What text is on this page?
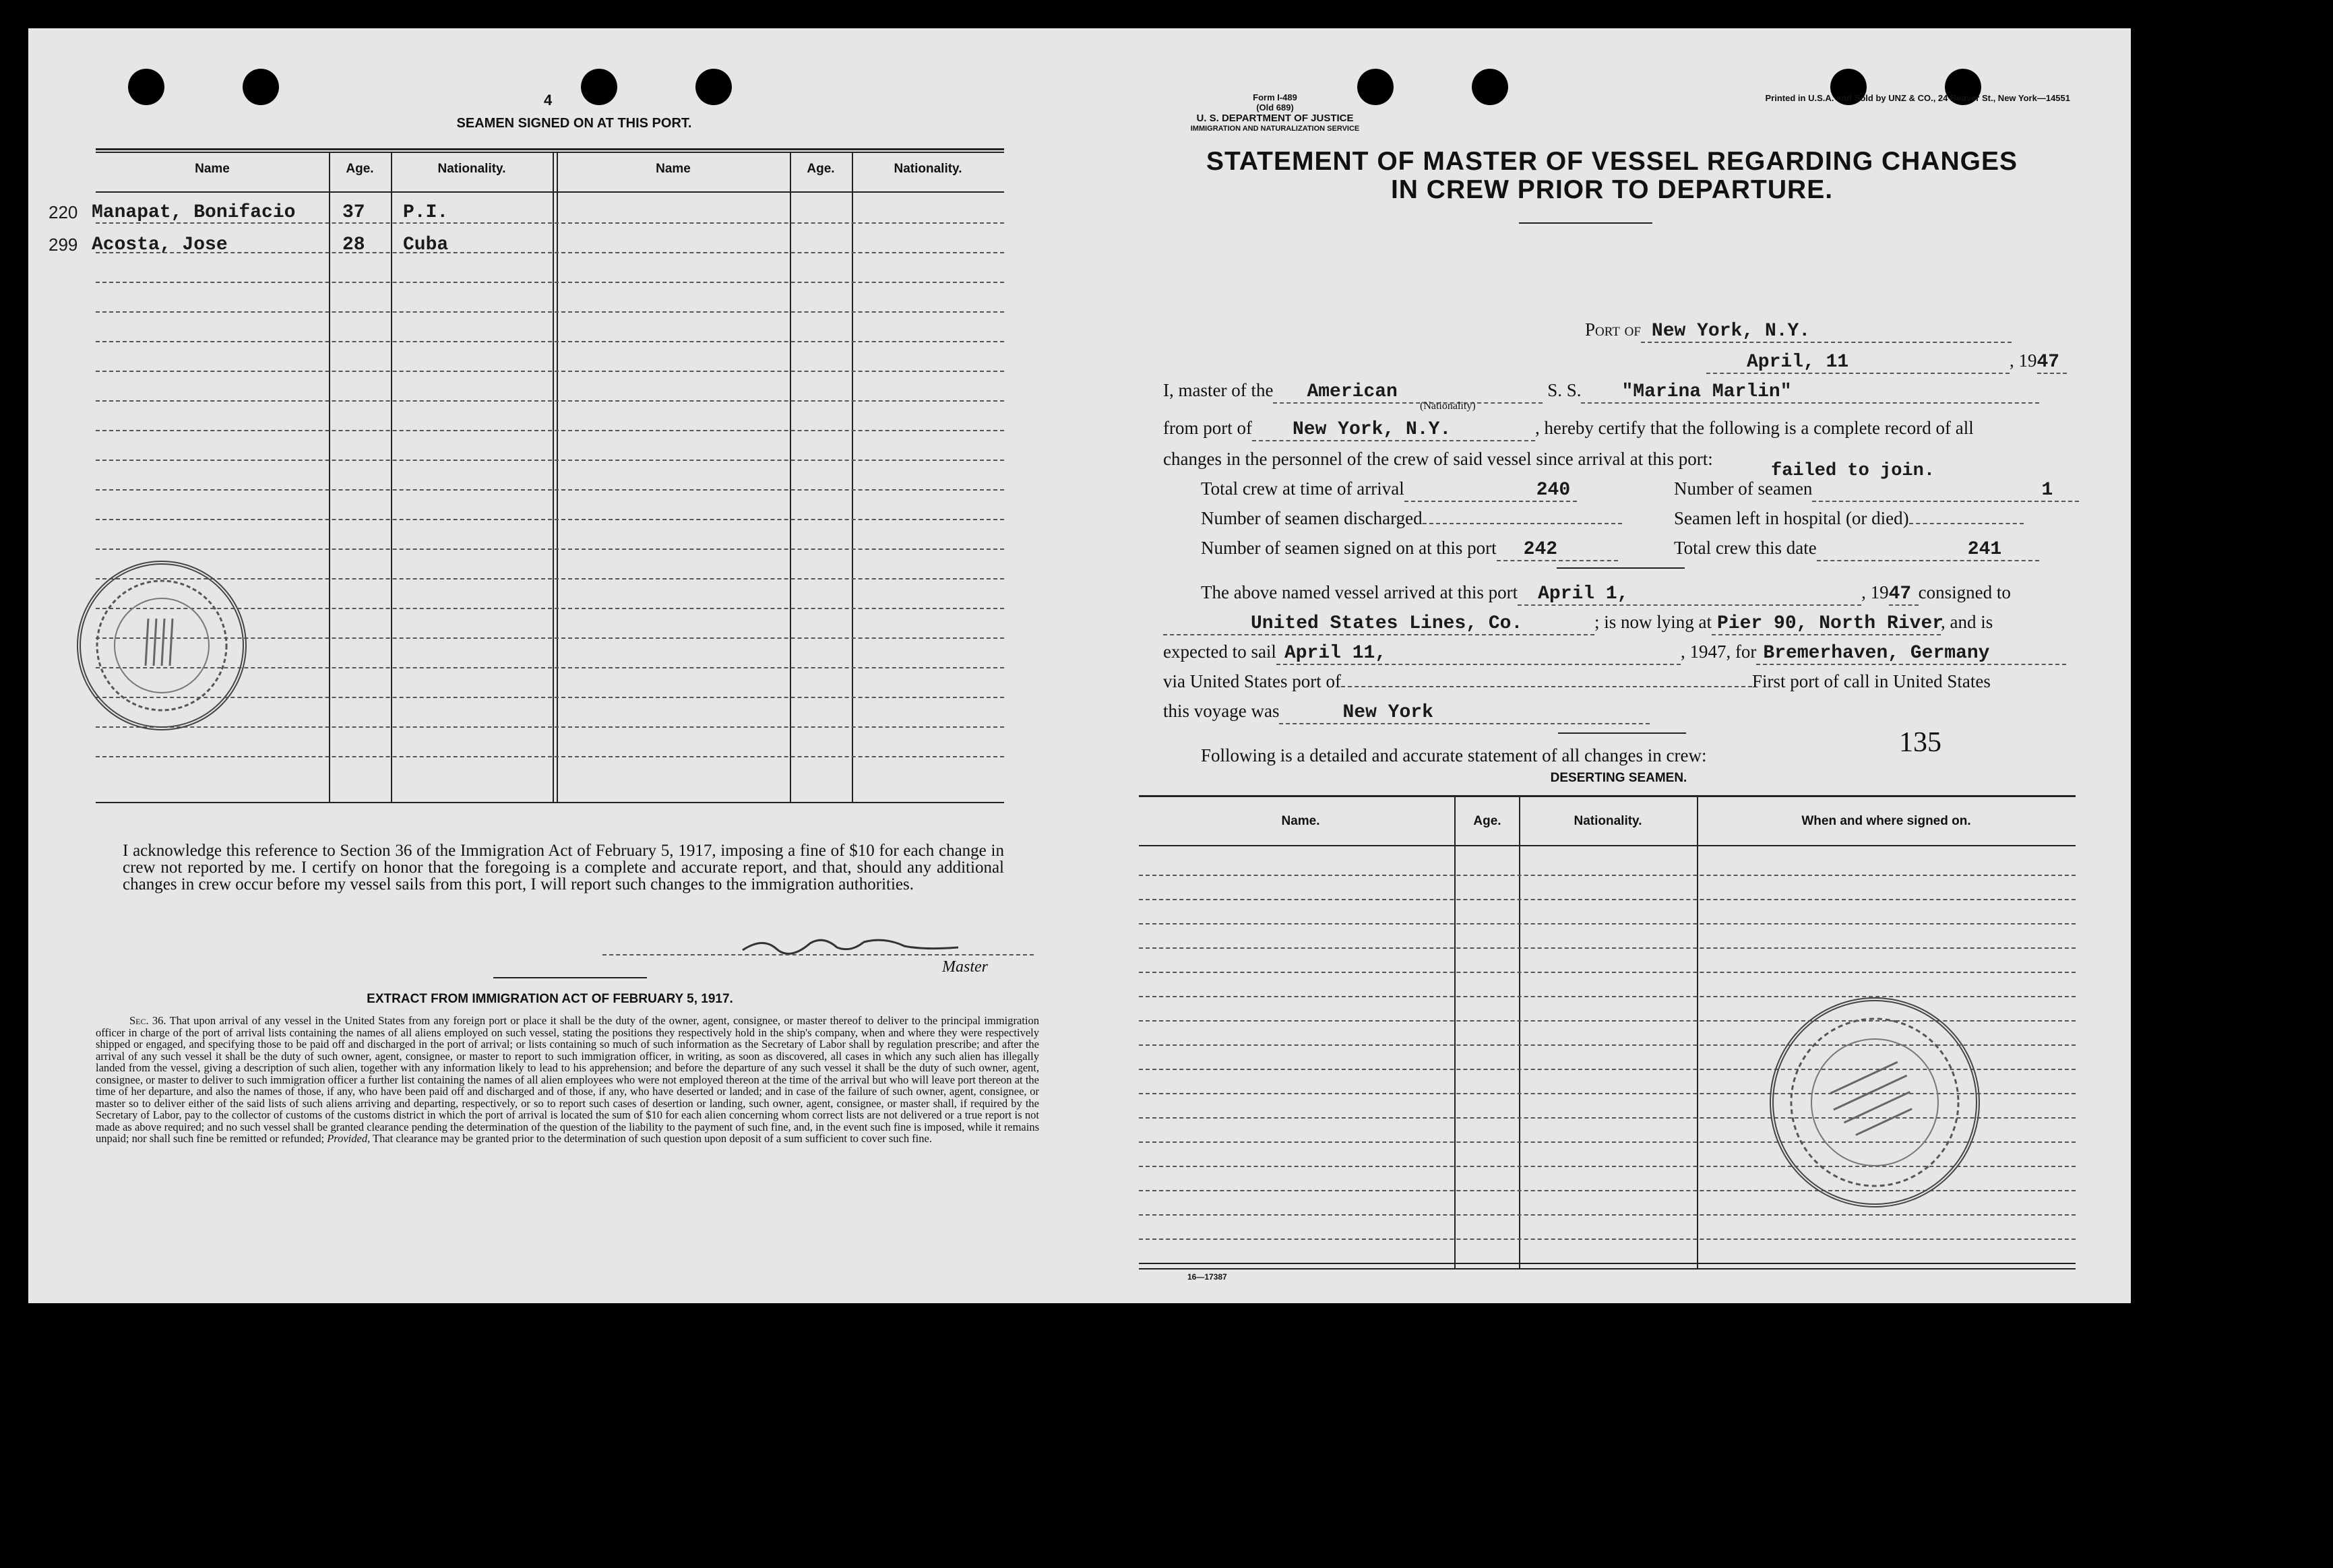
4
SEAMEN SIGNED ON AT THIS PORT.
Name	Age.	Nationality.	Name	Age.	Nationality.
220 Manapat, Bonifacio 37 P.I.
299 Acosta, Jose	28 Cuba
I acknowledge this reference to Section 36 of the Immigration Act of February 5, 1917, imposing a fine of $10 for each change in crew not reported by me. I certify on honor that the foregoing is a complete and accurate report, and that, should any additional changes in crew occur before my vessel sails from this port, I will report such changes to the immigration authorities.
Master
EXTRACT FROM IMMIGRATION ACT OF FEBRUARY 5, 1917.
Sec. 36. That upon arrival of any vessel in the United States from any foreign port or place it shall be the duty of the owner, agent, consignee, or master thereof to deliver to the principal immigration officer in charge of the port of arrival lists containing the names of all aliens employed on such vessel, stating the positions they respectively hold in the ship's company, when and where they were respectively shipped or engaged, and specifying those to be paid off and discharged in the port of arrival; or lists containing so much of such information as the Secretary of Labor shall by regulation prescribe; and after the arrival of any such vessel it shall be the duty of such owner, agent, consignee, or master to report to such immigration officer, in writing, as soon as discovered, all cases in which any such alien has illegally landed from the vessel, giving a description of such alien, together with any information likely to lead to his apprehension; and before the departure of any such vessel it shall be the duty of such owner, agent, consignee, or master to deliver to such immigration officer a further list containing the names of all alien employees who were not employed thereon at the time of the arrival but who will leave port thereon at the time of her departure, and also the names of those, if any, who have been paid off and discharged and of those, if any, who have deserted or landed; and in case of the failure of such owner, agent, consignee, or master so to deliver either of the said lists of such aliens arriving and departing, respectively, or so to report such cases of desertion or landing, such owner, agent, consignee, or master shall, if required by the Secretary of Labor, pay to the collector of customs of the customs district in which the port of arrival is located the sum of $10 for each alien concerning whom correct lists are not delivered or a true report is not made as above required; and no such vessel shall be granted clearance pending the determination of the question of the liability to the payment of such fine, and, in the event such fine is imposed, while it remains unpaid; nor shall such fine be remitted or refunded; Provided, That clearance may be granted prior to the determination of such question upon deposit of a sum sufficient to cover such fine.
Form I-489
(Old 689)
U. S. DEPARTMENT OF JUSTICE
IMMIGRATION AND NATURALIZATION SERVICE
Printed in U.S.A. and Sold by UNZ & CO., 24 Beaver St., New York—14551
STATEMENT OF MASTER OF VESSEL REGARDING CHANGES
IN CREW PRIOR TO DEPARTURE.
Port of New York, N.Y.
April, 11	, 1947
I, master of the American	S. S. "Marina Marlin"
(Nationality)
from port of New York, N.Y.	, hereby certify that the following is a complete record of all
changes in the personnel of the crew of said vessel since arrival at this port:
Total crew at time of arrival	240
failed to join.
Number of seamen	1
Number of seamen discharged	Seamen left in hospital (or died)
Number of seamen signed on at this port 242	Total crew this date	241
The above named vessel arrived at this port April 1,	, 1947 consigned to
United States Lines, Co.	; is now lying at Pier 90, North River, and is
expected to sail April 11,	, 1947, for Bremerhaven, Germany
via United States port of	First port of call in United States
this voyage was	New York
Following is a detailed and accurate statement of all changes in crew:	135
DESERTING SEAMEN.
Name.	Age.	Nationality.	When and where signed on.
16—17387
